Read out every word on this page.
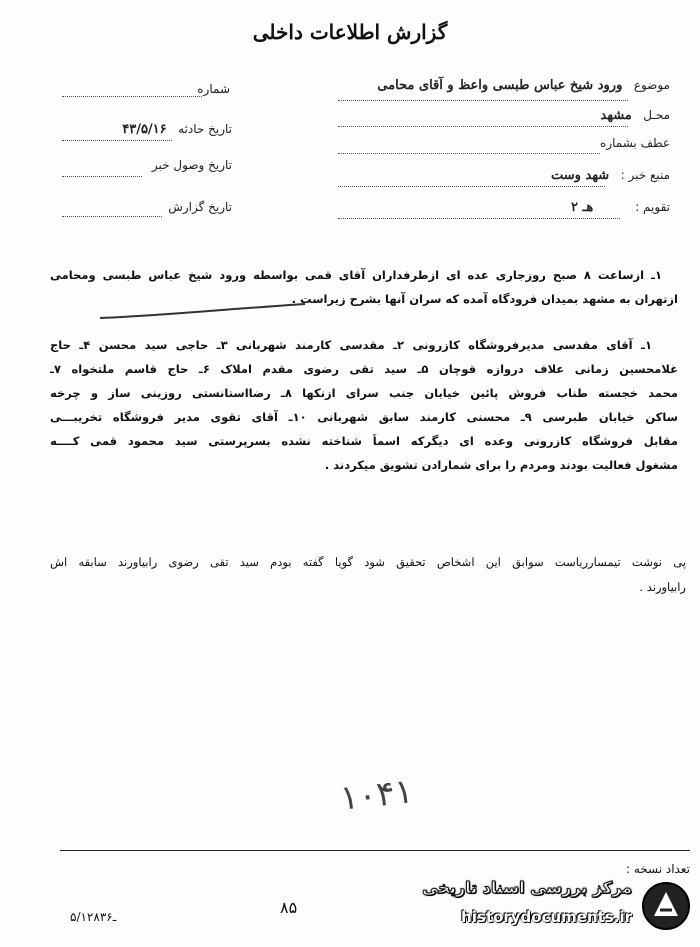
گزارش اطلاعات داخلی
موضوع   ورود شیخ عباس طبسی واعظ و آقای محامی
محـل   مشهد
عطف بشماره
منبع خبر :   شهد وست
تقویم :           هـ ۲
شماره
تاریخ حادثه   ۴۳/۵/۱۶
تاریخ وصول خبر
تاریخ گزارش
۱ـ ازساعت ۸ صبح روزجاری عده ای ازطرفداران آقای قمی بواسطه ورود شیخ عباس طبسی ومحامی
ازتهران به مشهد بمیدان فرودگاه آمده که سران آنها بشرح زیراست .
۱ـ آقای مقدسی مدیرفروشگاه کازرونی ۲ـ مقدسی کارمند شهربانی ۳ـ حاجی سید محسن ۴ـ حاج
غلامحسین زمانی علاف دروازه قوچان ۵ـ سید تقی رضوی مقدم املاک ۶ـ حاج قاسم ملتخواه ۷ـ
محمد خجسته طناب فروش پائین خیابان جنب سرای ازنکها ۸ـ رضااستانستی روزینی ساز و چرخه
ساکن خیابان طبرسی ۹ـ محسنی کارمند سابق شهربانی ۱۰ـ آقای تقوی مدیر فروشگاه تخریبـــی
مقابل فروشگاه کازرونی وعده ای دیگرکه اسماً شناخته نشده بسرپرستی سید محمود قمی کــــه
مشغول فعالیت بودند ومردم را برای شمارادن تشویق میکردند .
پی نوشت تیمسارریاست سوابق این اشخاص تحقیق شود گویا گفته بودم سید تقی رضوی رابیاورند سابقه اش
رابیاورند .
۱۰۴۱
تعداد نسخه :
۸۵
۵/۱۲۸ـ۳۶
مرکز بررسی اسناد تاریخی
historydocuments.ir
